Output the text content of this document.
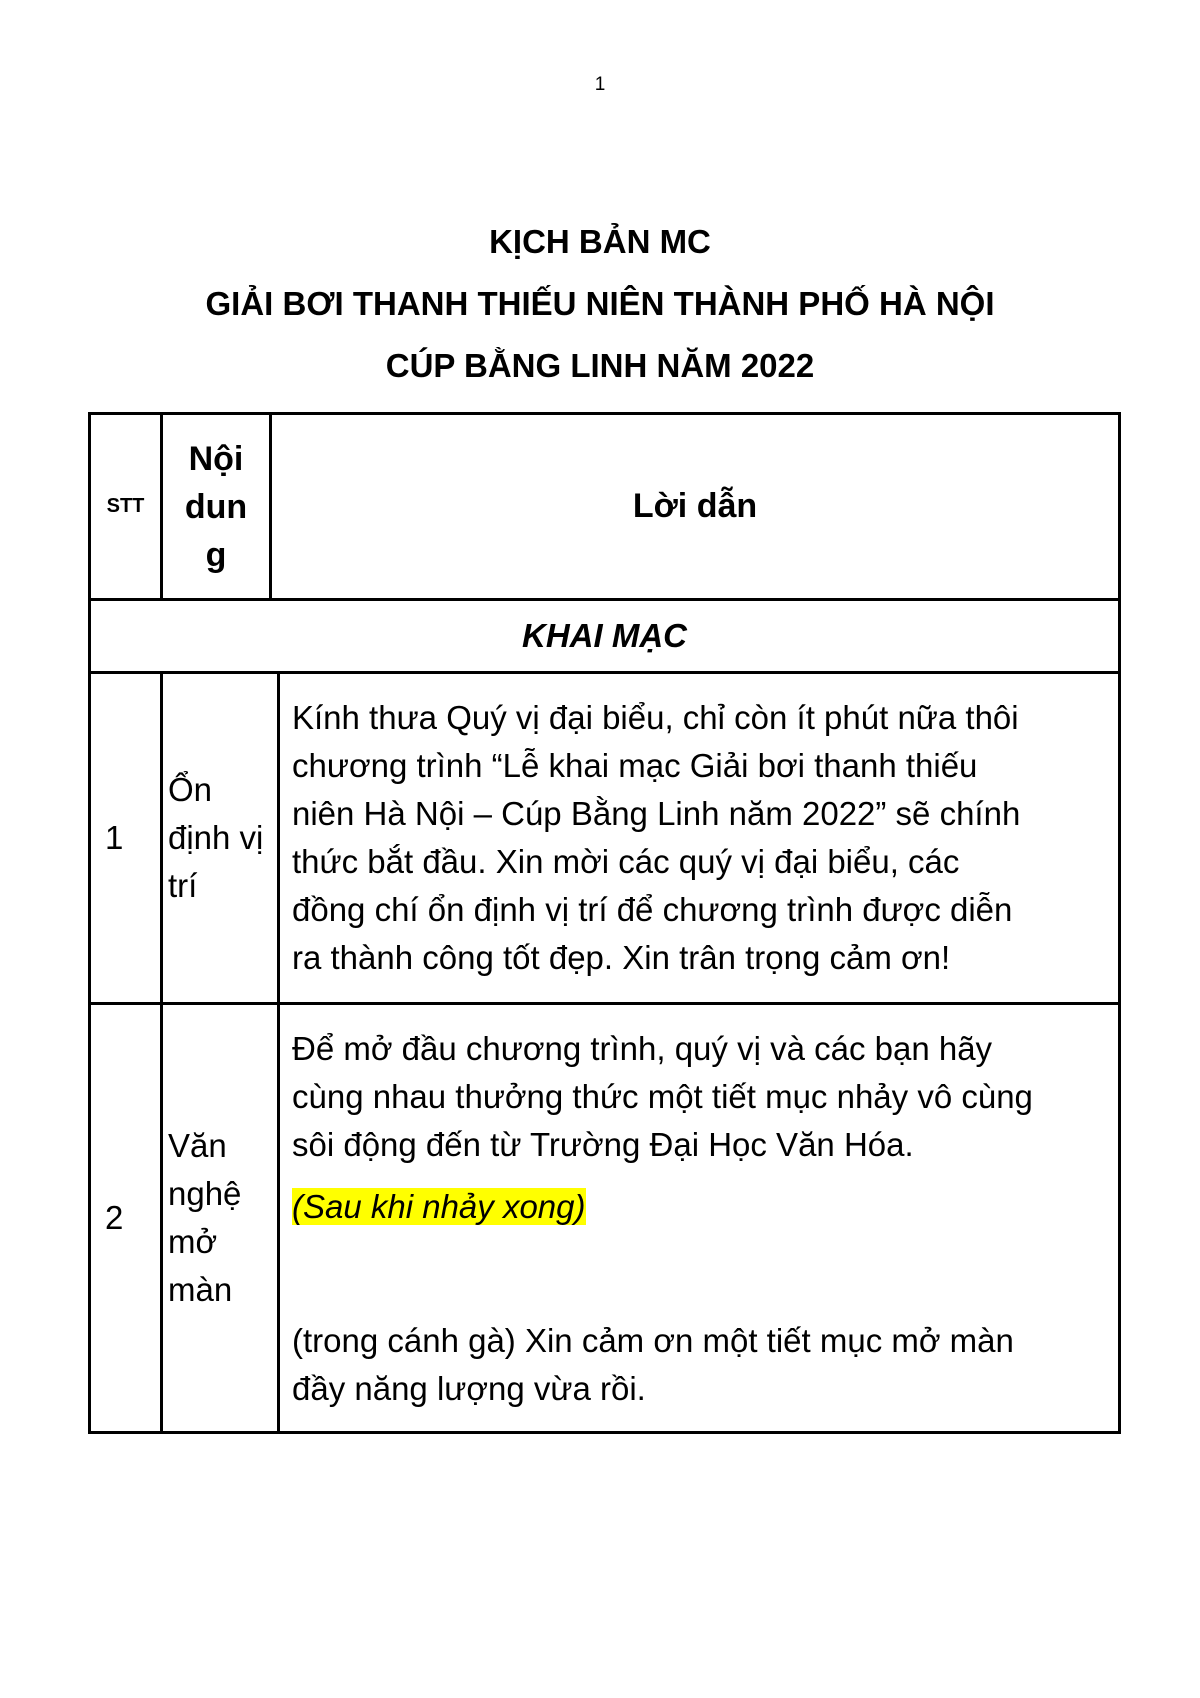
1
KỊCH BẢN MC
GIẢI BƠI THANH THIẾU NIÊN THÀNH PHỐ HÀ NỘI
CÚP BẰNG LINH NĂM 2022
STT
Nội
dun
g
Lời dẫn
KHAI MẠC
1
Ổn
định vị
trí
Kính thưa Quý vị đại biểu, chỉ còn ít phút nữa thôi
chương trình “Lễ khai mạc Giải bơi thanh thiếu
niên Hà Nội – Cúp Bằng Linh năm 2022” sẽ chính
thức bắt đầu. Xin mời các quý vị đại biểu, các
đồng chí ổn định vị trí để chương trình được diễn
ra thành công tốt đẹp. Xin trân trọng cảm ơn!
2
Văn
nghệ
mở
màn
Để mở đầu chương trình, quý vị và các bạn hãy
cùng nhau thưởng thức một tiết mục nhảy vô cùng
sôi động đến từ Trường Đại Học Văn Hóa.
(Sau khi nhảy xong)
(trong cánh gà) Xin cảm ơn một tiết mục mở màn
đầy năng lượng vừa rồi.
